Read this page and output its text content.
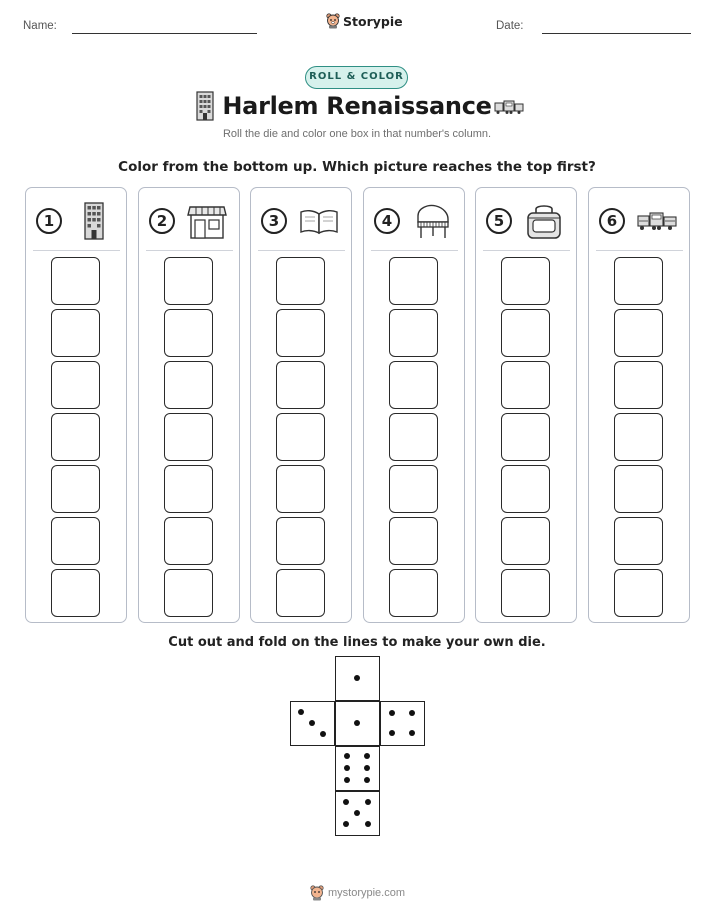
Name:	Storypie	Date:
ROLL & COLOR
Harlem Renaissance
Roll the die and color one box in that number's column.
Color from the bottom up. Which picture reaches the top first?
1	2	3	4	5	6
Cut out and fold on the lines to make your own die.
mystorypie.com
